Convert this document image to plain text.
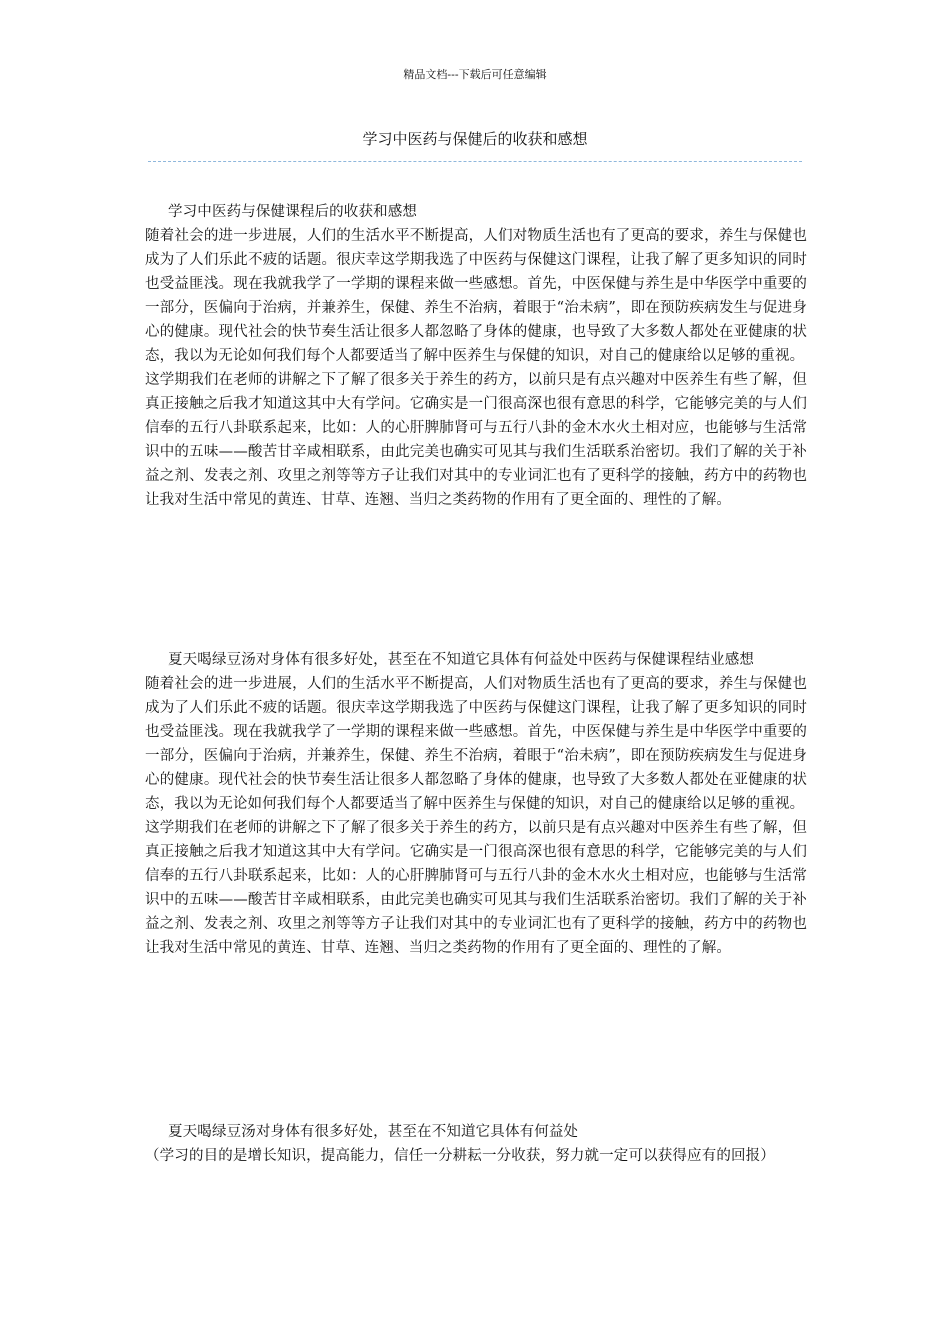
精品文档---下载后可任意编辑
学习中医药与保健后的收获和感想

学习中医药与保健课程后的收获和感想

随着社会的进一步进展，人们的生活水平不断提高，人们对物质生活也有了更高的要求，养生与保健也成为了人们乐此不疲的话题。很庆幸这学期我选了中医药与保健这门课程，让我了解了更多知识的同时也受益匪浅。现在我就我学了一学期的课程来做一些感想。首先，中医保健与养生是中华医学中重要的一部分，医偏向于治病，并兼养生，保健、养生不治病，着眼于“治未病”，即在预防疾病发生与促进身心的健康。现代社会的快节奏生活让很多人都忽略了身体的健康，也导致了大多数人都处在亚健康的状态，我以为无论如何我们每个人都要适当了解中医养生与保健的知识，对自己的健康给以足够的重视。

这学期我们在老师的讲解之下了解了很多关于养生的药方，以前只是有点兴趣对中医养生有些了解，但真正接触之后我才知道这其中大有学问。它确实是一门很高深也很有意思的科学，它能够完美的与人们信奉的五行八卦联系起来，比如：人的心肝脾肺肾可与五行八卦的金木水火土相对应，也能够与生活常识中的五味——酸苦甘辛咸相联系，由此完美也确实可见其与我们生活联系治密切。我们了解的关于补益之剂、发表之剂、攻里之剂等等方子让我们对其中的专业词汇也有了更科学的接触，药方中的药物也让我对生活中常见的黄连、甘草、连翘、当归之类药物的作用有了更全面的、理性的了解。

夏天喝绿豆汤对身体有很多好处，甚至在不知道它具体有何益处中医药与保健课程结业感想

随着社会的进一步进展，人们的生活水平不断提高，人们对物质生活也有了更高的要求，养生与保健也成为了人们乐此不疲的话题。很庆幸这学期我选了中医药与保健这门课程，让我了解了更多知识的同时也受益匪浅。现在我就我学了一学期的课程来做一些感想。首先，中医保健与养生是中华医学中重要的一部分，医偏向于治病，并兼养生，保健、养生不治病，着眼于“治未病”，即在预防疾病发生与促进身心的健康。现代社会的快节奏生活让很多人都忽略了身体的健康，也导致了大多数人都处在亚健康的状态，我以为无论如何我们每个人都要适当了解中医养生与保健的知识，对自己的健康给以足够的重视。

这学期我们在老师的讲解之下了解了很多关于养生的药方，以前只是有点兴趣对中医养生有些了解，但真正接触之后我才知道这其中大有学问。它确实是一门很高深也很有意思的科学，它能够完美的与人们信奉的五行八卦联系起来，比如：人的心肝脾肺肾可与五行八卦的金木水火土相对应，也能够与生活常识中的五味——酸苦甘辛咸相联系，由此完美也确实可见其与我们生活联系治密切。我们了解的关于补益之剂、发表之剂、攻里之剂等等方子让我们对其中的专业词汇也有了更科学的接触，药方中的药物也让我对生活中常见的黄连、甘草、连翘、当归之类药物的作用有了更全面的、理性的了解。

夏天喝绿豆汤对身体有很多好处，甚至在不知道它具体有何益处

（学习的目的是增长知识，提高能力，信任一分耕耘一分收获，努力就一定可以获得应有的回报）
